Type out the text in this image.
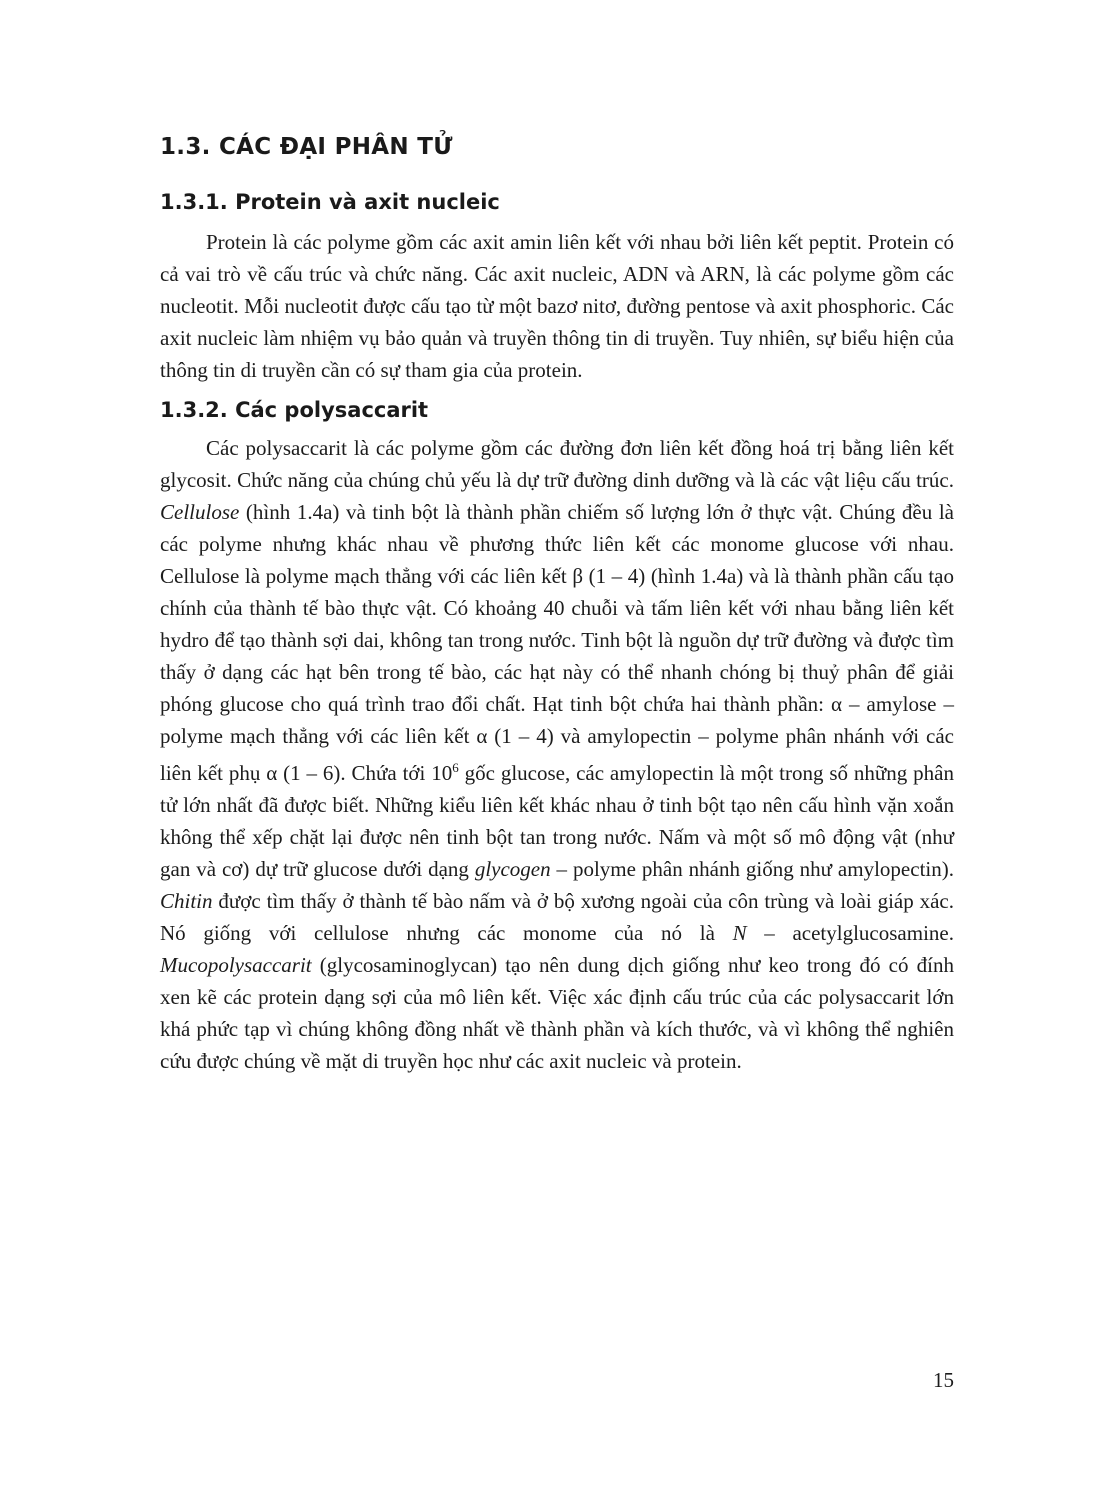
1.3. CÁC ĐẠI PHÂN TỬ
1.3.1. Protein và axit nucleic

Protein là các polyme gồm các axit amin liên kết với nhau bởi liên kết peptit. Protein có cả vai trò về cấu trúc và chức năng. Các axit nucleic, ADN và ARN, là các polyme gồm các nucleotit. Mỗi nucleotit được cấu tạo từ một bazơ nitơ, đường pentose và axit phosphoric. Các axit nucleic làm nhiệm vụ bảo quản và truyền thông tin di truyền. Tuy nhiên, sự biểu hiện của thông tin di truyền cần có sự tham gia của protein.

1.3.2. Các polysaccarit

Các polysaccarit là các polyme gồm các đường đơn liên kết đồng hoá trị bằng liên kết glycosit. Chức năng của chúng chủ yếu là dự trữ đường dinh dưỡng và là các vật liệu cấu trúc. Cellulose (hình 1.4a) và tinh bột là thành phần chiếm số lượng lớn ở thực vật. Chúng đều là các polyme nhưng khác nhau về phương thức liên kết các monome glucose với nhau. Cellulose là polyme mạch thẳng với các liên kết β (1 – 4) (hình 1.4a) và là thành phần cấu tạo chính của thành tế bào thực vật. Có khoảng 40 chuỗi và tấm liên kết với nhau bằng liên kết hydro để tạo thành sợi dai, không tan trong nước. Tinh bột là nguồn dự trữ đường và được tìm thấy ở dạng các hạt bên trong tế bào, các hạt này có thể nhanh chóng bị thuỷ phân để giải phóng glucose cho quá trình trao đổi chất. Hạt tinh bột chứa hai thành phần: α – amylose – polyme mạch thẳng với các liên kết α (1 – 4) và amylopectin – polyme phân nhánh với các liên kết phụ α (1 – 6). Chứa tới $10^6$ gốc glucose, các amylopectin là một trong số những phân tử lớn nhất đã được biết. Những kiểu liên kết khác nhau ở tinh bột tạo nên cấu hình vặn xoắn không thể xếp chặt lại được nên tinh bột tan trong nước. Nấm và một số mô động vật (như gan và cơ) dự trữ glucose dưới dạng glycogen – polyme phân nhánh giống như amylopectin). Chitin được tìm thấy ở thành tế bào nấm và ở bộ xương ngoài của côn trùng và loài giáp xác. Nó giống với cellulose nhưng các monome của nó là N – acetylglucosamine. Mucopolysaccarit (glycosaminoglycan) tạo nên dung dịch giống như keo trong đó có đính xen kẽ các protein dạng sợi của mô liên kết. Việc xác định cấu trúc của các polysaccarit lớn khá phức tạp vì chúng không đồng nhất về thành phần và kích thước, và vì không thể nghiên cứu được chúng về mặt di truyền học như các axit nucleic và protein.

15
